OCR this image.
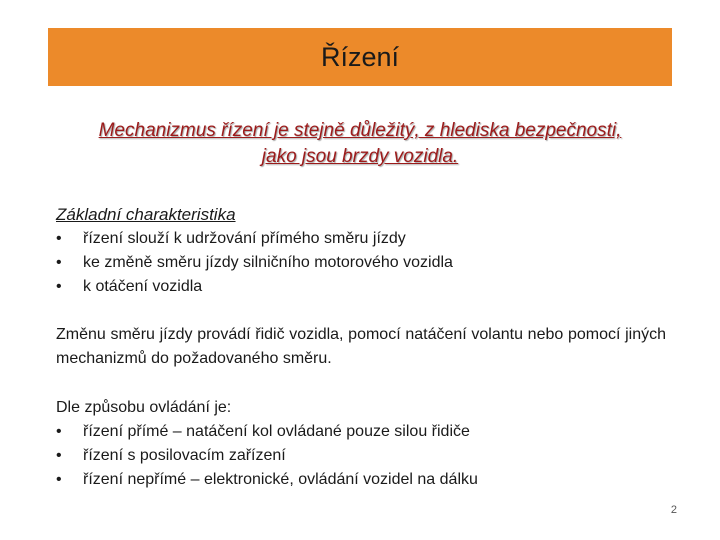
Řízení
Mechanizmus řízení je stejně důležitý, z hlediska bezpečnosti,
jako jsou brzdy vozidla.
Základní charakteristika
• řízení slouží k udržování přímého směru jízdy
• ke změně směru jízdy silničního motorového vozidla
• k otáčení vozidla
Změnu směru jízdy provádí řidič vozidla, pomocí natáčení volantu nebo pomocí jiných mechanizmů do požadovaného směru.
Dle způsobu ovládání je:
• řízení přímé – natáčení kol ovládané pouze silou řidiče
• řízení s posilovacím zařízení
• řízení nepřímé – elektronické, ovládání vozidel na dálku
2
